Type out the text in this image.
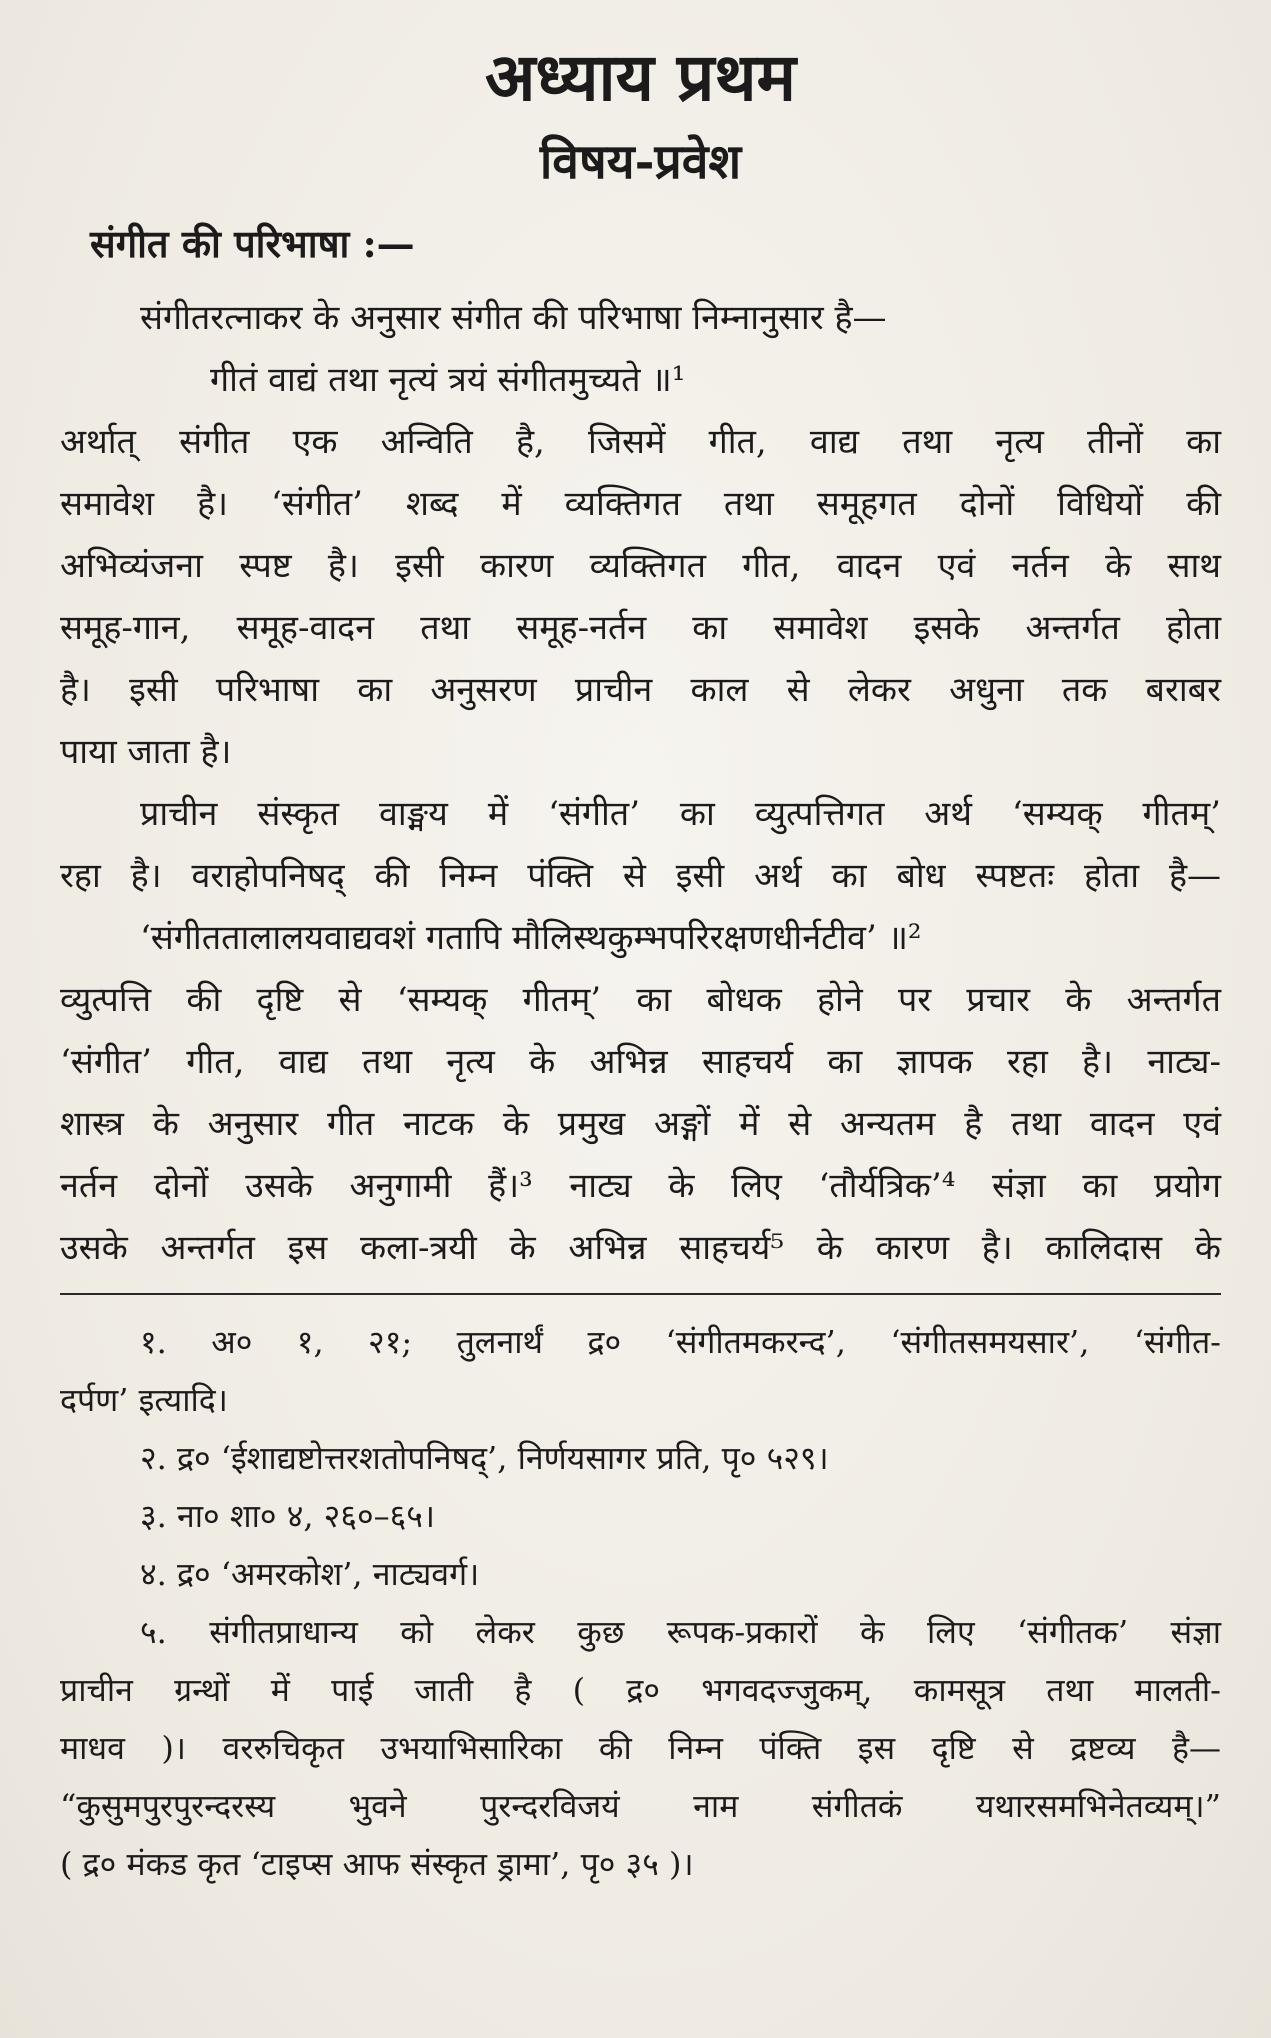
अध्याय प्रथम
विषय-प्रवेश
संगीत की परिभाषा :—

संगीतरत्नाकर के अनुसार संगीत की परिभाषा निम्नानुसार है—

गीतं वाद्यं तथा नृत्यं त्रयं संगीतमुच्यते ॥¹

अर्थात् संगीत एक अन्विति है, जिसमें गीत, वाद्य तथा नृत्य तीनों का

समावेश है। ‘संगीत’ शब्द में व्यक्तिगत तथा समूहगत दोनों विधियों की

अभिव्यंजना स्पष्ट है। इसी कारण व्यक्तिगत गीत, वादन एवं नर्तन के साथ

समूह-गान, समूह-वादन तथा समूह-नर्तन का समावेश इसके अन्तर्गत होता

है। इसी परिभाषा का अनुसरण प्राचीन काल से लेकर अधुना तक बराबर

पाया जाता है।

प्राचीन संस्कृत वाङ्मय में ‘संगीत’ का व्युत्पत्तिगत अर्थ ‘सम्यक् गीतम्’

रहा है। वराहोपनिषद् की निम्न पंक्ति से इसी अर्थ का बोध स्पष्टतः होता है—

‘संगीततालालयवाद्यवशं गतापि मौलिस्थकुम्भपरिरक्षणधीर्नटीव’ ॥²

व्युत्पत्ति की दृष्टि से ‘सम्यक् गीतम्’ का बोधक होने पर प्रचार के अन्तर्गत

‘संगीत’ गीत, वाद्य तथा नृत्य के अभिन्न साहचर्य का ज्ञापक रहा है। नाट्य-

शास्त्र के अनुसार गीत नाटक के प्रमुख अङ्गों में से अन्यतम है तथा वादन एवं

नर्तन दोनों उसके अनुगामी हैं।³ नाट्य के लिए ‘तौर्यत्रिक’⁴ संज्ञा का प्रयोग

उसके अन्तर्गत इस कला-त्रयी के अभिन्न साहचर्य⁵ के कारण है। कालिदास के

१. अ० १, २१; तुलनार्थं द्र० ‘संगीतमकरन्द’, ‘संगीतसमयसार’, ‘संगीत-

दर्पण’ इत्यादि।

२. द्र० ‘ईशाद्यष्टोत्तरशतोपनिषद्’, निर्णयसागर प्रति, पृ० ५२९।

३. ना० शा० ४, २६०–६५।

४. द्र० ‘अमरकोश’, नाट्यवर्ग।

५. संगीतप्राधान्य को लेकर कुछ रूपक-प्रकारों के लिए ‘संगीतक’ संज्ञा

प्राचीन ग्रन्थों में पाई जाती है ( द्र० भगवदज्जुकम्, कामसूत्र तथा मालती-

माधव )। वररुचिकृत उभयाभिसारिका की निम्न पंक्ति इस दृष्टि से द्रष्टव्य है—

“कुसुमपुरपुरन्दरस्य भुवने पुरन्दरविजयं नाम संगीतकं यथारसमभिनेतव्यम्।”

( द्र० मंकड कृत ‘टाइप्स आफ संस्कृत ड्रामा’, पृ० ३५ )।
